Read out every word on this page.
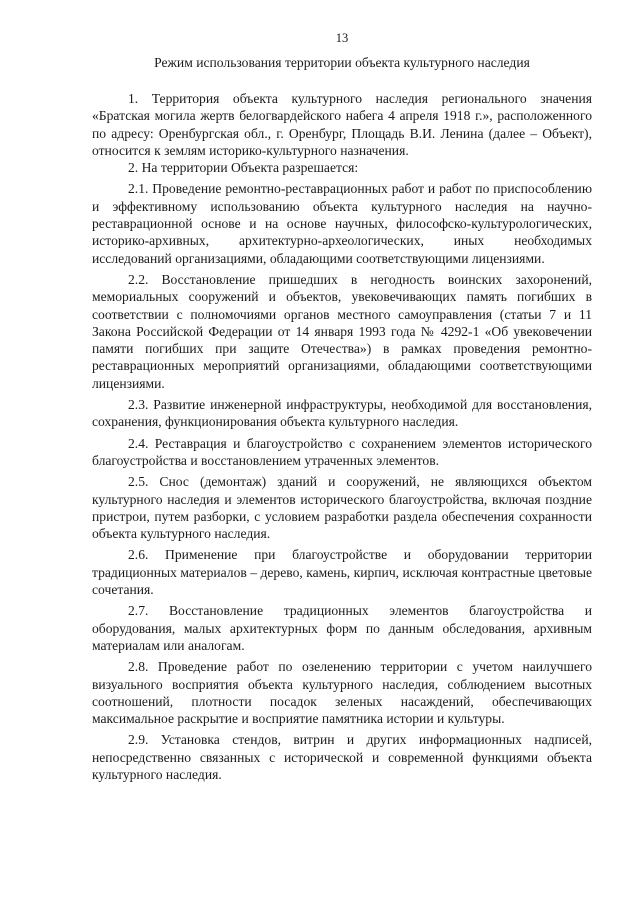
13
Режим использования территории объекта культурного наследия

1. Территория объекта культурного наследия регионального значения «Братская могила жертв белогвардейского набега 4 апреля 1918 г.», расположенного по адресу: Оренбургская обл., г. Оренбург, Площадь В.И. Ленина (далее – Объект), относится к землям историко-культурного назначения.

2. На территории Объекта разрешается:

2.1. Проведение ремонтно-реставрационных работ и работ по приспособлению и эффективному использованию объекта культурного наследия на научно-реставрационной основе и на основе научных, философско-культурологических, историко-архивных, архитектурно-археологических, иных необходимых исследований организациями, обладающими соответствующими лицензиями.

2.2. Восстановление пришедших в негодность воинских захоронений, мемориальных сооружений и объектов, увековечивающих память погибших в соответствии с полномочиями органов местного самоуправления (статьи 7 и 11 Закона Российской Федерации от 14 января 1993 года № 4292-1 «Об увековечении памяти погибших при защите Отечества») в рамках проведения ремонтно-реставрационных мероприятий организациями, обладающими соответствующими лицензиями.

2.3. Развитие инженерной инфраструктуры, необходимой для восстановления, сохранения, функционирования объекта культурного наследия.

2.4. Реставрация и благоустройство с сохранением элементов исторического благоустройства и восстановлением утраченных элементов.

2.5. Снос (демонтаж) зданий и сооружений, не являющихся объектом культурного наследия и элементов исторического благоустройства, включая поздние пристрои, путем разборки, с условием разработки раздела обеспечения сохранности объекта культурного наследия.

2.6. Применение при благоустройстве и оборудовании территории традиционных материалов – дерево, камень, кирпич, исключая контрастные цветовые сочетания.

2.7. Восстановление традиционных элементов благоустройства и оборудования, малых архитектурных форм по данным обследования, архивным материалам или аналогам.

2.8. Проведение работ по озеленению территории с учетом наилучшего визуального восприятия объекта культурного наследия, соблюдением высотных соотношений, плотности посадок зеленых насаждений, обеспечивающих максимальное раскрытие и восприятие памятника истории и культуры.

2.9. Установка стендов, витрин и других информационных надписей, непосредственно связанных с исторической и современной функциями объекта культурного наследия.
